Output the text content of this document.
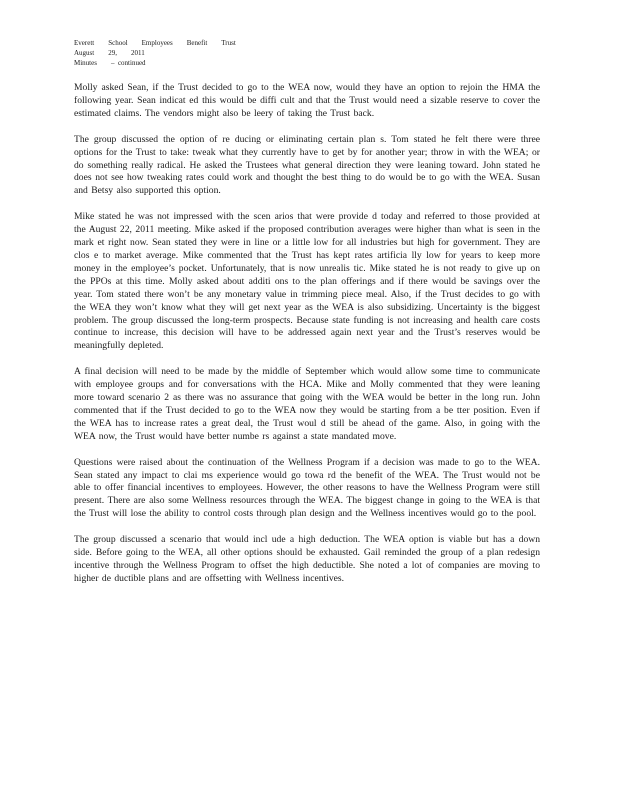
Everett        School        Employees        Benefit        Trust
August        29,        2011
Minutes        –  continued

Molly asked Sean, if the Trust decided to go to the WEA now, would they have an option to rejoin the HMA the following year. Sean indicat ed this would be diffi cult and that the Trust would need a sizable reserve to cover the estimated claims. The vendors might also be leery of taking the Trust back.

The group discussed the option of re ducing or eliminating certain plan s. Tom stated he felt there were three options for the Trust to take: tweak what they currently have to get by for another year; throw in with the WEA; or do something really radical. He asked the Trustees what general direction they were leaning toward. John stated he does not see how tweaking rates could work and thought the best thing to do would be to go with the WEA. Susan and Betsy also supported this option.

Mike stated he was not impressed with the scen arios that were provide d today and referred to those provided at the August 22, 2011 meeting. Mike asked if the proposed contribution averages were higher than what is seen in the mark et right now. Sean stated they were in line or a little low for all industries but high for government. They are clos e to market average. Mike commented that the Trust has kept rates artificia lly low for years to keep more money in the employee’s pocket. Unfortunately, that is now unrealis tic. Mike stated he is not ready to give up on the PPOs at this time. Molly asked about additi ons to the plan offerings and if there would be savings over the year. Tom stated there won’t be any monetary value in trimming piece meal. Also, if the Trust decides to go with the WEA they won’t know what they will get next year as the WEA is also subsidizing. Uncertainty is the biggest problem. The group discussed the long-term prospects. Because state funding is not increasing and health care costs continue to increase, this decision will have to be addressed again next year and the Trust’s reserves would be meaningfully depleted.

A final decision will need to be made by the middle of September which would allow some time to communicate with employee groups and for conversations with the HCA. Mike and Molly commented that they were leaning more toward scenario 2 as there was no assurance that going with the WEA would be better in the long run. John commented that if the Trust decided to go to the WEA now they would be starting from a be tter position. Even if the WEA has to increase rates a great deal, the Trust woul d still be ahead of the game. Also, in going with the WEA now, the Trust would have better numbe rs against a state mandated move.

Questions were raised about the continuation of the Wellness Program if a decision was made to go to the WEA. Sean stated any impact to clai ms experience would go towa rd the benefit of the WEA. The Trust would not be able to offer financial incentives to employees. However, the other reasons to have the Wellness Program were still present. There are also some Wellness resources through the WEA. The biggest change in going to the WEA is that the Trust will lose the ability to control costs through plan design and the Wellness incentives would go to the pool.

The group discussed a scenario that would incl ude a high deduction. The WEA option is viable but has a down side. Before going to the WEA, all other options should be exhausted. Gail reminded the group of a plan redesign incentive through the Wellness Program to offset the high deductible. She noted a lot of companies are moving to higher de ductible plans and are offsetting with Wellness incentives.
